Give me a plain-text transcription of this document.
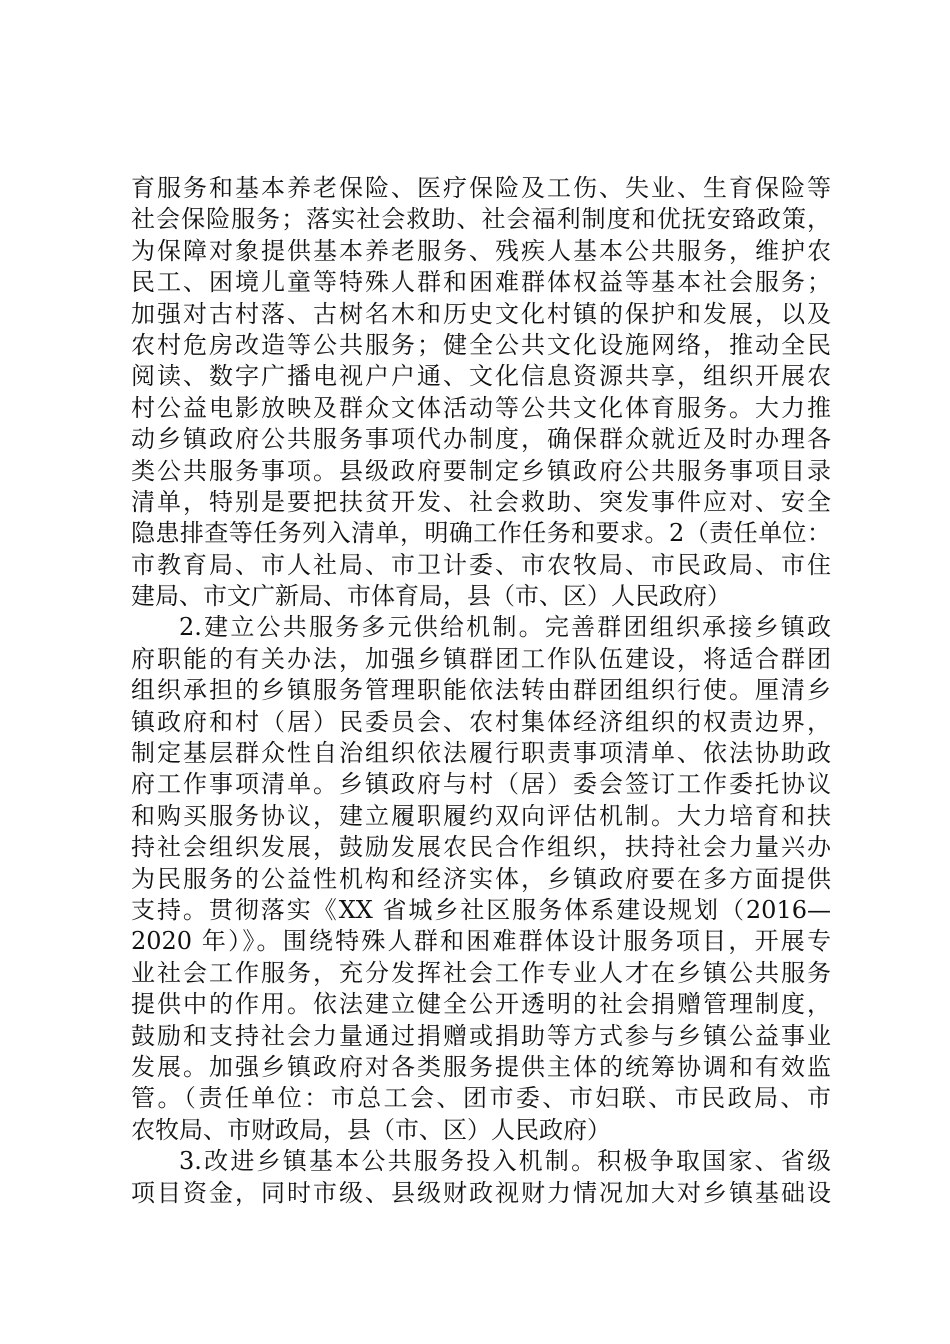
育服务和基本养老保险、医疗保险及工伤、失业、生育保险等
社会保险服务；落实社会救助、社会福利制度和优抚安臵政策，
为保障对象提供基本养老服务、残疾人基本公共服务，维护农
民工、困境儿童等特殊人群和困难群体权益等基本社会服务；
加强对古村落、古树名木和历史文化村镇的保护和发展，以及
农村危房改造等公共服务；健全公共文化设施网络，推动全民
阅读、数字广播电视户户通、文化信息资源共享，组织开展农
村公益电影放映及群众文体活动等公共文化体育服务。大力推
动乡镇政府公共服务事项代办制度，确保群众就近及时办理各
类公共服务事项。县级政府要制定乡镇政府公共服务事项目录
清单，特别是要把扶贫开发、社会救助、突发事件应对、安全
隐患排查等任务列入清单，明确工作任务和要求。2（责任单位：
市教育局、市人社局、市卫计委、市农牧局、市民政局、市住
建局、市文广新局、市体育局，县（市、区）人民政府）
2.建立公共服务多元供给机制。完善群团组织承接乡镇政
府职能的有关办法，加强乡镇群团工作队伍建设，将适合群团
组织承担的乡镇服务管理职能依法转由群团组织行使。厘清乡
镇政府和村（居）民委员会、农村集体经济组织的权责边界，
制定基层群众性自治组织依法履行职责事项清单、依法协助政
府工作事项清单。乡镇政府与村（居）委会签订工作委托协议
和购买服务协议，建立履职履约双向评估机制。大力培育和扶
持社会组织发展，鼓励发展农民合作组织，扶持社会力量兴办
为民服务的公益性机构和经济实体，乡镇政府要在多方面提供
支持。贯彻落实《XX 省城乡社区服务体系建设规划（2016—
2020 年）》。围绕特殊人群和困难群体设计服务项目，开展专
业社会工作服务，充分发挥社会工作专业人才在乡镇公共服务
提供中的作用。依法建立健全公开透明的社会捐赠管理制度，
鼓励和支持社会力量通过捐赠或捐助等方式参与乡镇公益事业
发展。加强乡镇政府对各类服务提供主体的统筹协调和有效监
管。（责任单位：市总工会、团市委、市妇联、市民政局、市
农牧局、市财政局，县（市、区）人民政府）
3.改进乡镇基本公共服务投入机制。积极争取国家、省级
项目资金，同时市级、县级财政视财力情况加大对乡镇基础设
